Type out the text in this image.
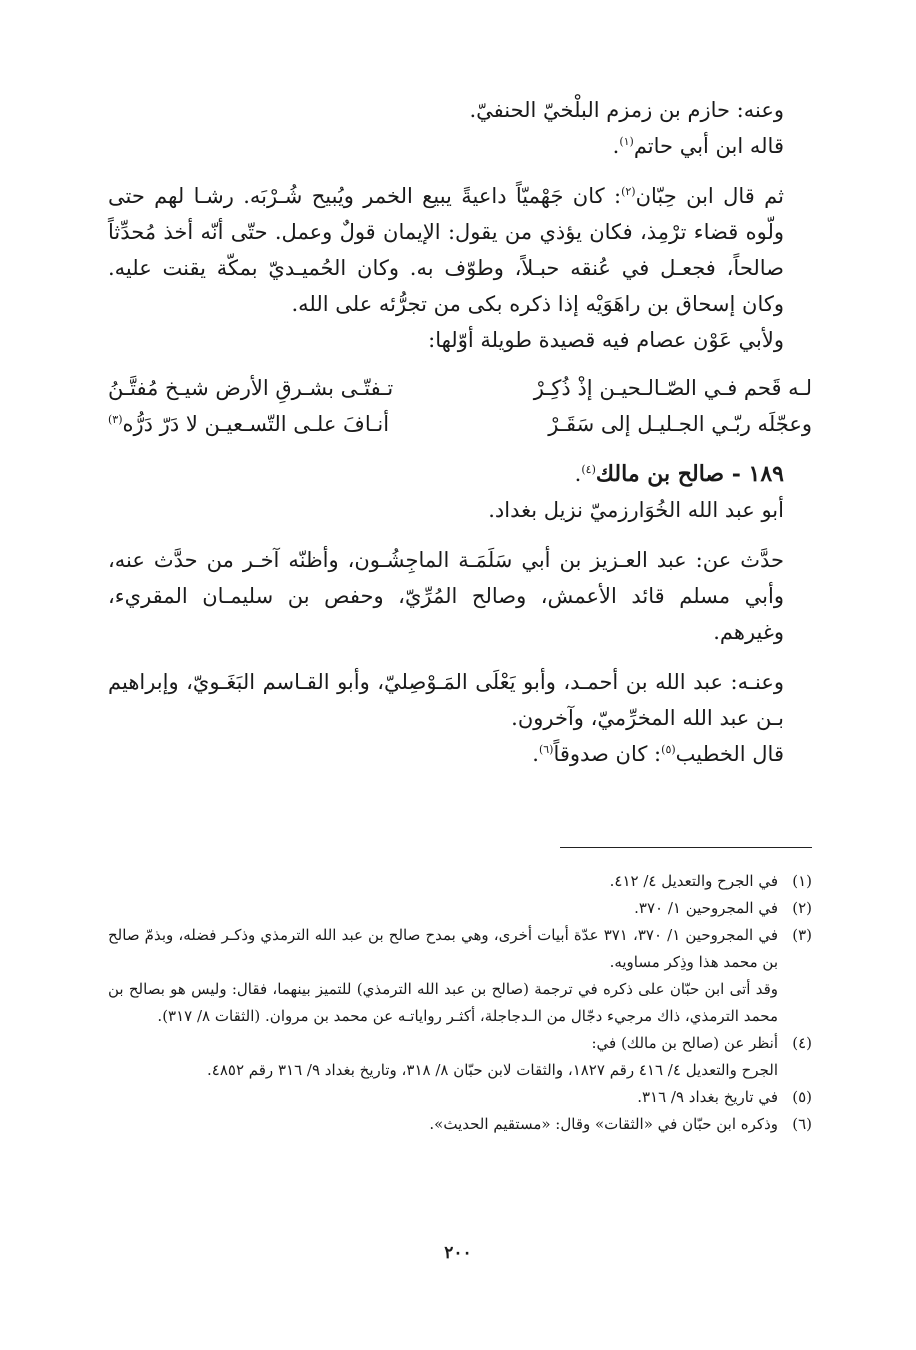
وعنه: حازم بن زمزم البلْخيّ الحنفيّ.

قاله ابن أبي حاتم$^{(١)}$.

ثم قال ابن حِبّان$^{(٢)}$: كان جَهْميّاً داعيةً يبيع الخمر ويُبيح شُـرْبَه. رشـا لهم حتى ولّوه قضاء ترْمِذ، فكان يؤذي من يقول: الإيمان قولٌ وعمل. حتّى أنّه أخذ مُحدِّثاً صالحاً، فجعـل في عُنقه حبـلاً، وطوّف به. وكان الحُميـديّ بمكّة يقنت عليه. وكان إسحاق بن راهَوَيْه إذا ذكره بكى من تجرُّئه على الله.

ولأبي عَوْن عصام فيه قصيدة طويلة أوّلها:

لـه قَحم فـي الصّـالـحيـن إذْ ذُكِـرْ
تـفتّـى بشـرقِ الأرض شيـخ مُفتَّـنُ
وعجّلَه ربّـي الجـليـل إلى سَقَـرْ
أنـافَ علـى التّسـعيـن لا دَرّ دَرُّه$^{(٣)}$

١٨٩ - صالح بن مالك$^{(٤)}$.

أبو عبد الله الخُوَارزميّ نزيل بغداد.

حدَّث عن: عبد العـزيز بن أبي سَلَمَـة الماجِشُـون، وأظنّه آخـر من حدَّث عنه، وأبي مسلم قائد الأعمش، وصالح المُرِّيّ، وحفص بن سليمـان المقريء، وغيرهم.

وعنـه: عبد الله بن أحمـد، وأبو يَعْلَى المَـوْصِليّ، وأبو القـاسم البَغَـويّ، وإبراهيم بـن عبد الله المخرِّميّ، وآخرون.

قال الخطيب$^{(٥)}$: كان صدوقاً$^{(٦)}$.

(١)

في الجرح والتعديل ٤/ ٤١٢.

(٢)

في المجروحين ١/ ٣٧٠.

(٣)

في المجروحين ١/ ٣٧٠، ٣٧١ عدّة أبيات أخرى، وهي بمدح صالح بن عبد الله الترمذي وذكـر فضله، وبذمّ صالح بن محمد هذا وذِكر مساويه.

وقد أتى ابن حبّان على ذكره في ترجمة (صالح بن عبد الله الترمذي) للتميز بينهما، فقال: وليس هو بصالح بن محمد الترمذي، ذاك مرجيء دجّال من الـدجاجلة، أكثـر رواياتـه عن محمد بن مروان. (الثقات ٨/ ٣١٧).

(٤)

أنظر عن (صالح بن مالك) في:

الجرح والتعديل ٤/ ٤١٦ رقم ١٨٢٧، والثقات لابن حبّان ٨/ ٣١٨، وتاريخ بغداد ٩/ ٣١٦ رقم ٤٨٥٢.

(٥)

في تاريخ بغداد ٩/ ٣١٦.

(٦)

وذكره ابن حبّان في «الثقات» وقال: «مستقيم الحديث».

٢٠٠
